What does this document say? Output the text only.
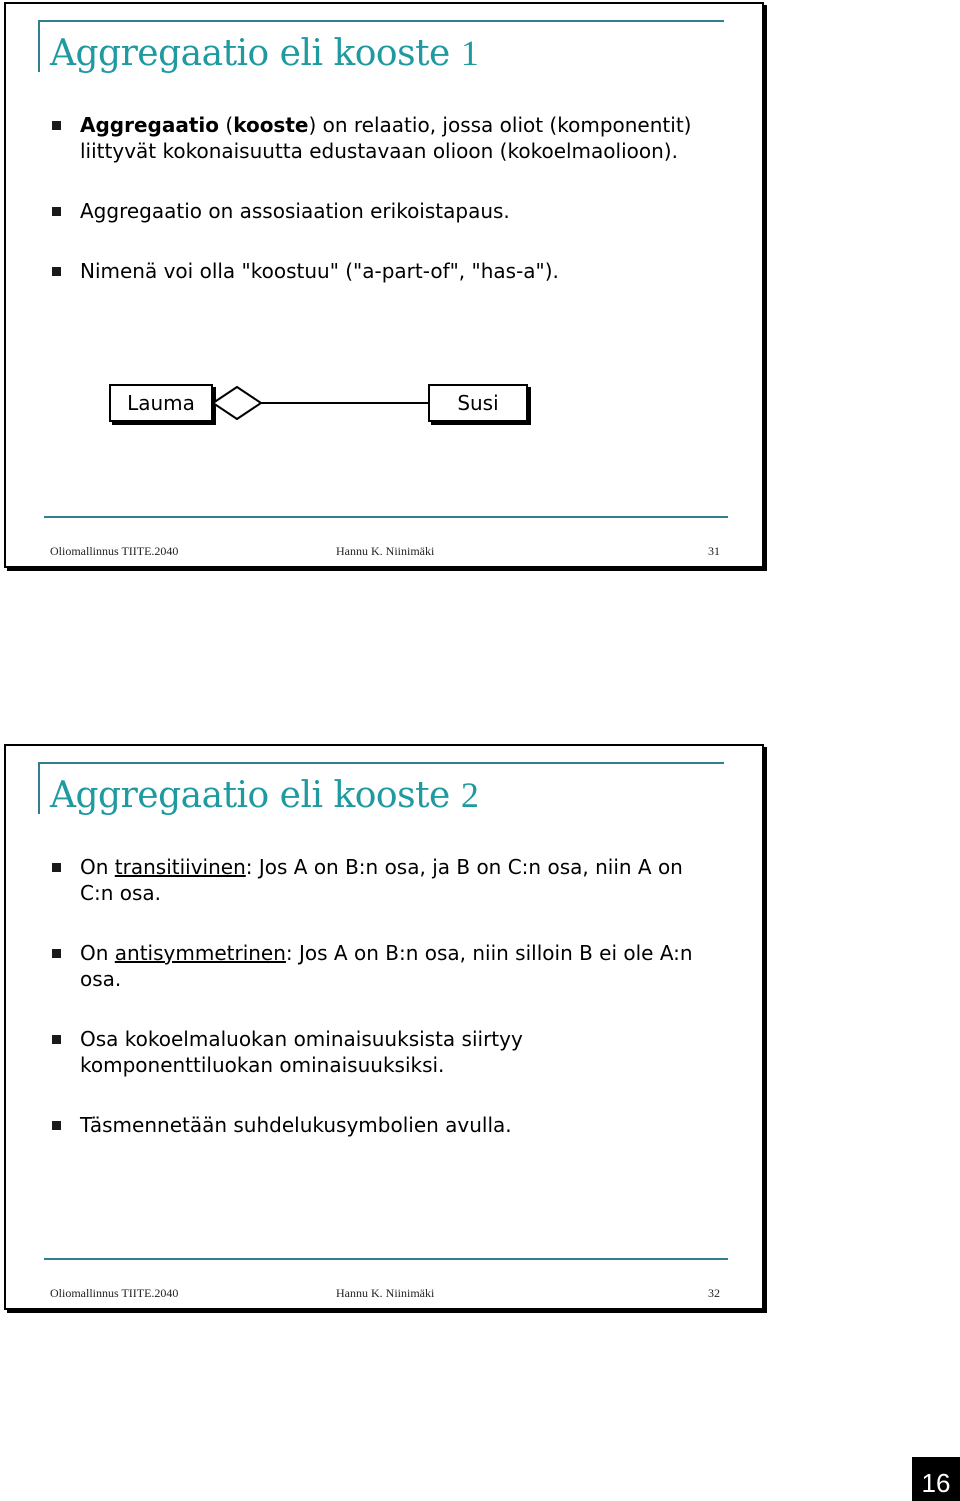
Aggregaatio eli kooste 1
Aggregaatio (kooste) on relaatio, jossa oliot (komponentit) liittyvät kokonaisuutta edustavaan olioon (kokoelmaolioon).
Aggregaatio on assosiaation erikoistapaus.
Nimenä voi olla "koostuu" ("a-part-of", "has-a").
Lauma	Susi
Oliomallinnus TIITE.2040	Hannu K. Niinimäki	31
Aggregaatio eli kooste 2
On transitiivinen: Jos A on B:n osa, ja B on C:n osa, niin A on C:n osa.
On antisymmetrinen: Jos A on B:n osa, niin silloin B ei ole A:n osa.
Osa kokoelmaluokan ominaisuuksista siirtyy komponenttiluokan ominaisuuksiksi.
Täsmennetään suhdelukusymbolien avulla.
Oliomallinnus TIITE.2040	Hannu K. Niinimäki	32
16
